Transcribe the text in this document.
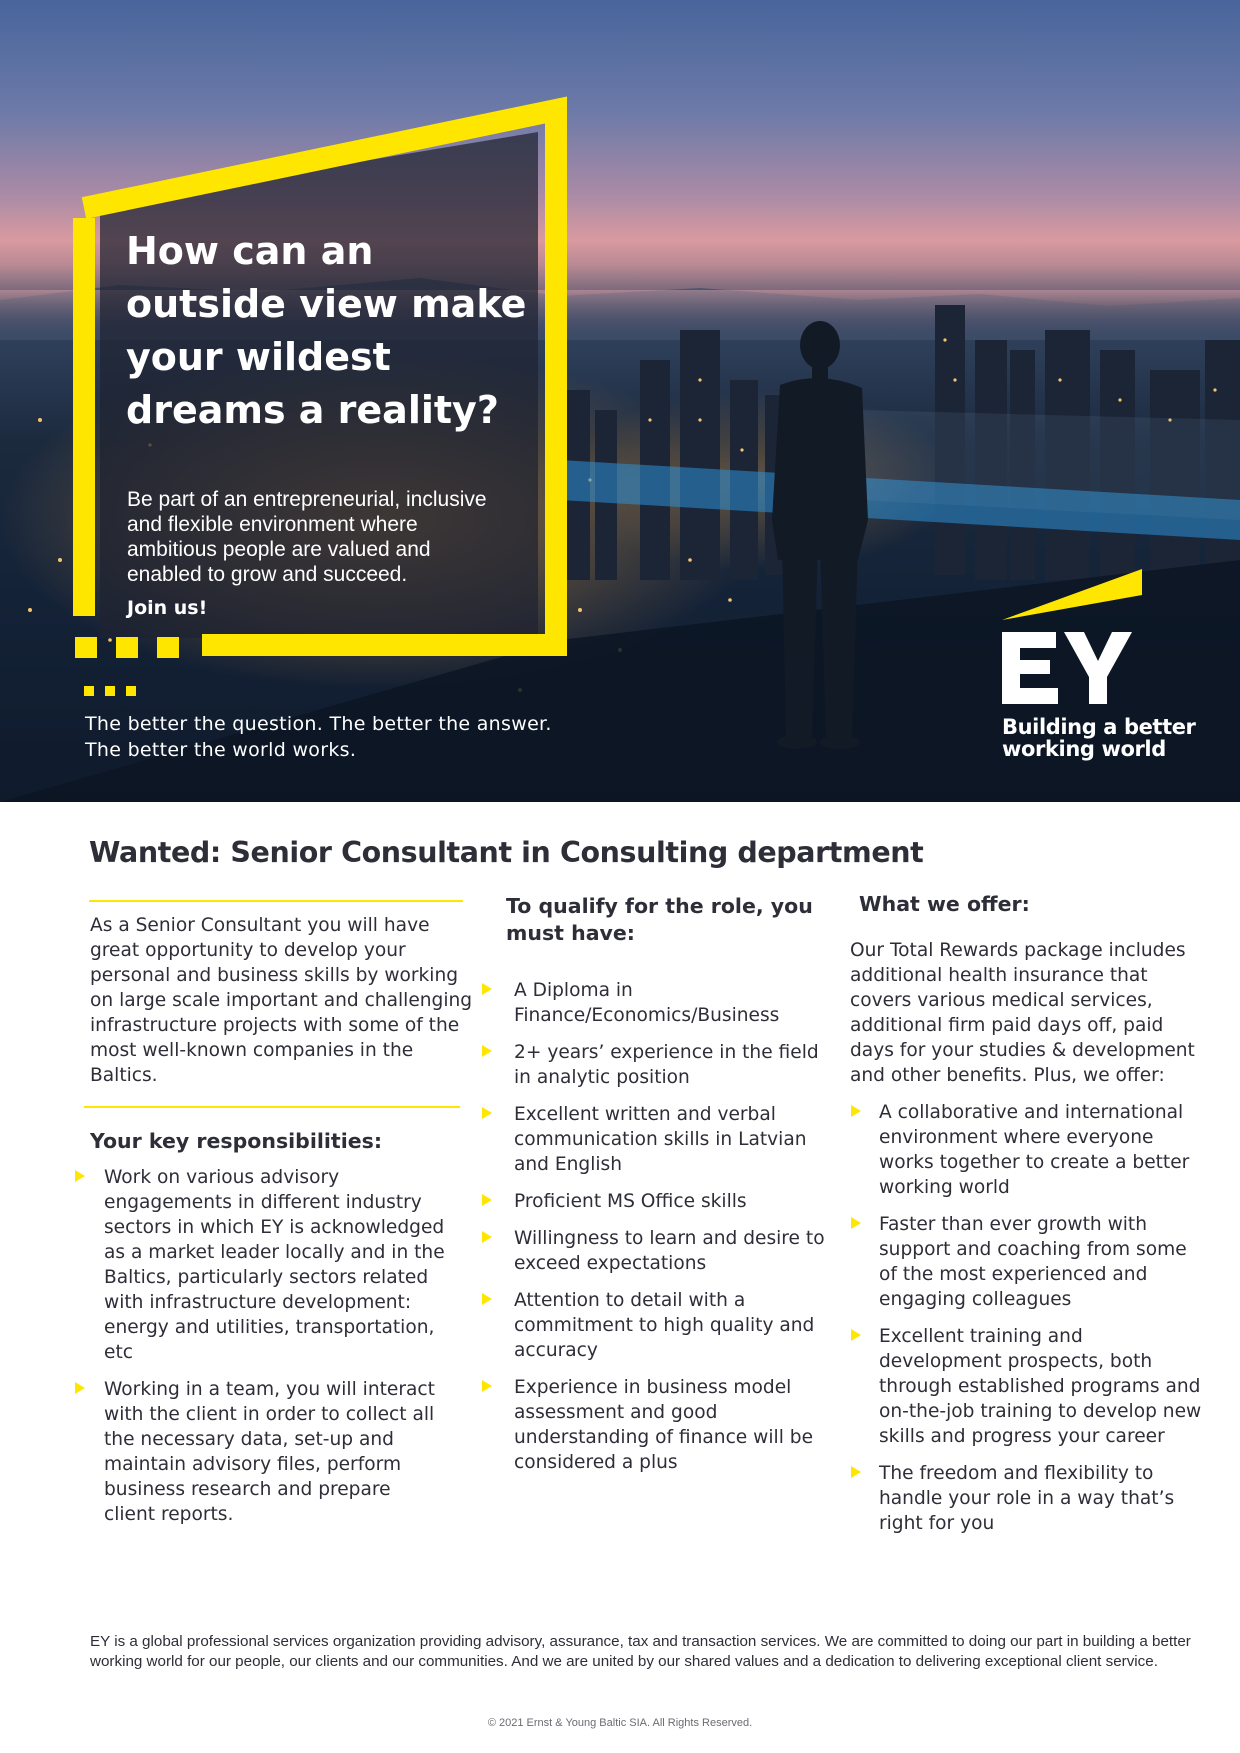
How can an outside view make your wildest dreams a reality?

Be part of an entrepreneurial, inclusive and flexible environment where ambitious people are valued and enabled to grow and succeed.

Join us!

The better the question. The better the answer.
The better the world works.

Building a better
working world

Wanted: Senior Consultant in Consulting department

As a Senior Consultant you will have great opportunity to develop your personal and business skills by working on large scale important and challenging infrastructure projects with some of the most well-known companies in the Baltics.

Your key responsibilities:
Work on various advisory engagements in different industry sectors in which EY is acknowledged as a market leader locally and in the Baltics, particularly sectors related with infrastructure development: energy and utilities, transportation, etc
Working in a team, you will interact with the client in order to collect all the necessary data, set-up and maintain advisory files, perform business research and prepare client reports.
To qualify for the role, you must have:
A Diploma in Finance/Economics/Business
2+ years’ experience in the field in analytic position
Excellent written and verbal communication skills in Latvian and English
Proficient MS Office skills
Willingness to learn and desire to exceed expectations
Attention to detail with a commitment to high quality and accuracy
Experience in business model assessment and good understanding of finance will be considered a plus
What we offer:

Our Total Rewards package includes additional health insurance that covers various medical services, additional firm paid days off, paid days for your studies & development and other benefits. Plus, we offer:

A collaborative and international environment where everyone works together to create a better working world
Faster than ever growth with support and coaching from some of the most experienced and engaging colleagues
Excellent training and development prospects, both through established programs and on-the-job training to develop new skills and progress your career
The freedom and flexibility to handle your role in a way that’s right for you

EY is a global professional services organization providing advisory, assurance, tax and transaction services. We are committed to doing our part in building a better working world for our people, our clients and our communities. And we are united by our shared values and a dedication to delivering exceptional client service.

© 2021 Ernst & Young Baltic SIA. All Rights Reserved.
